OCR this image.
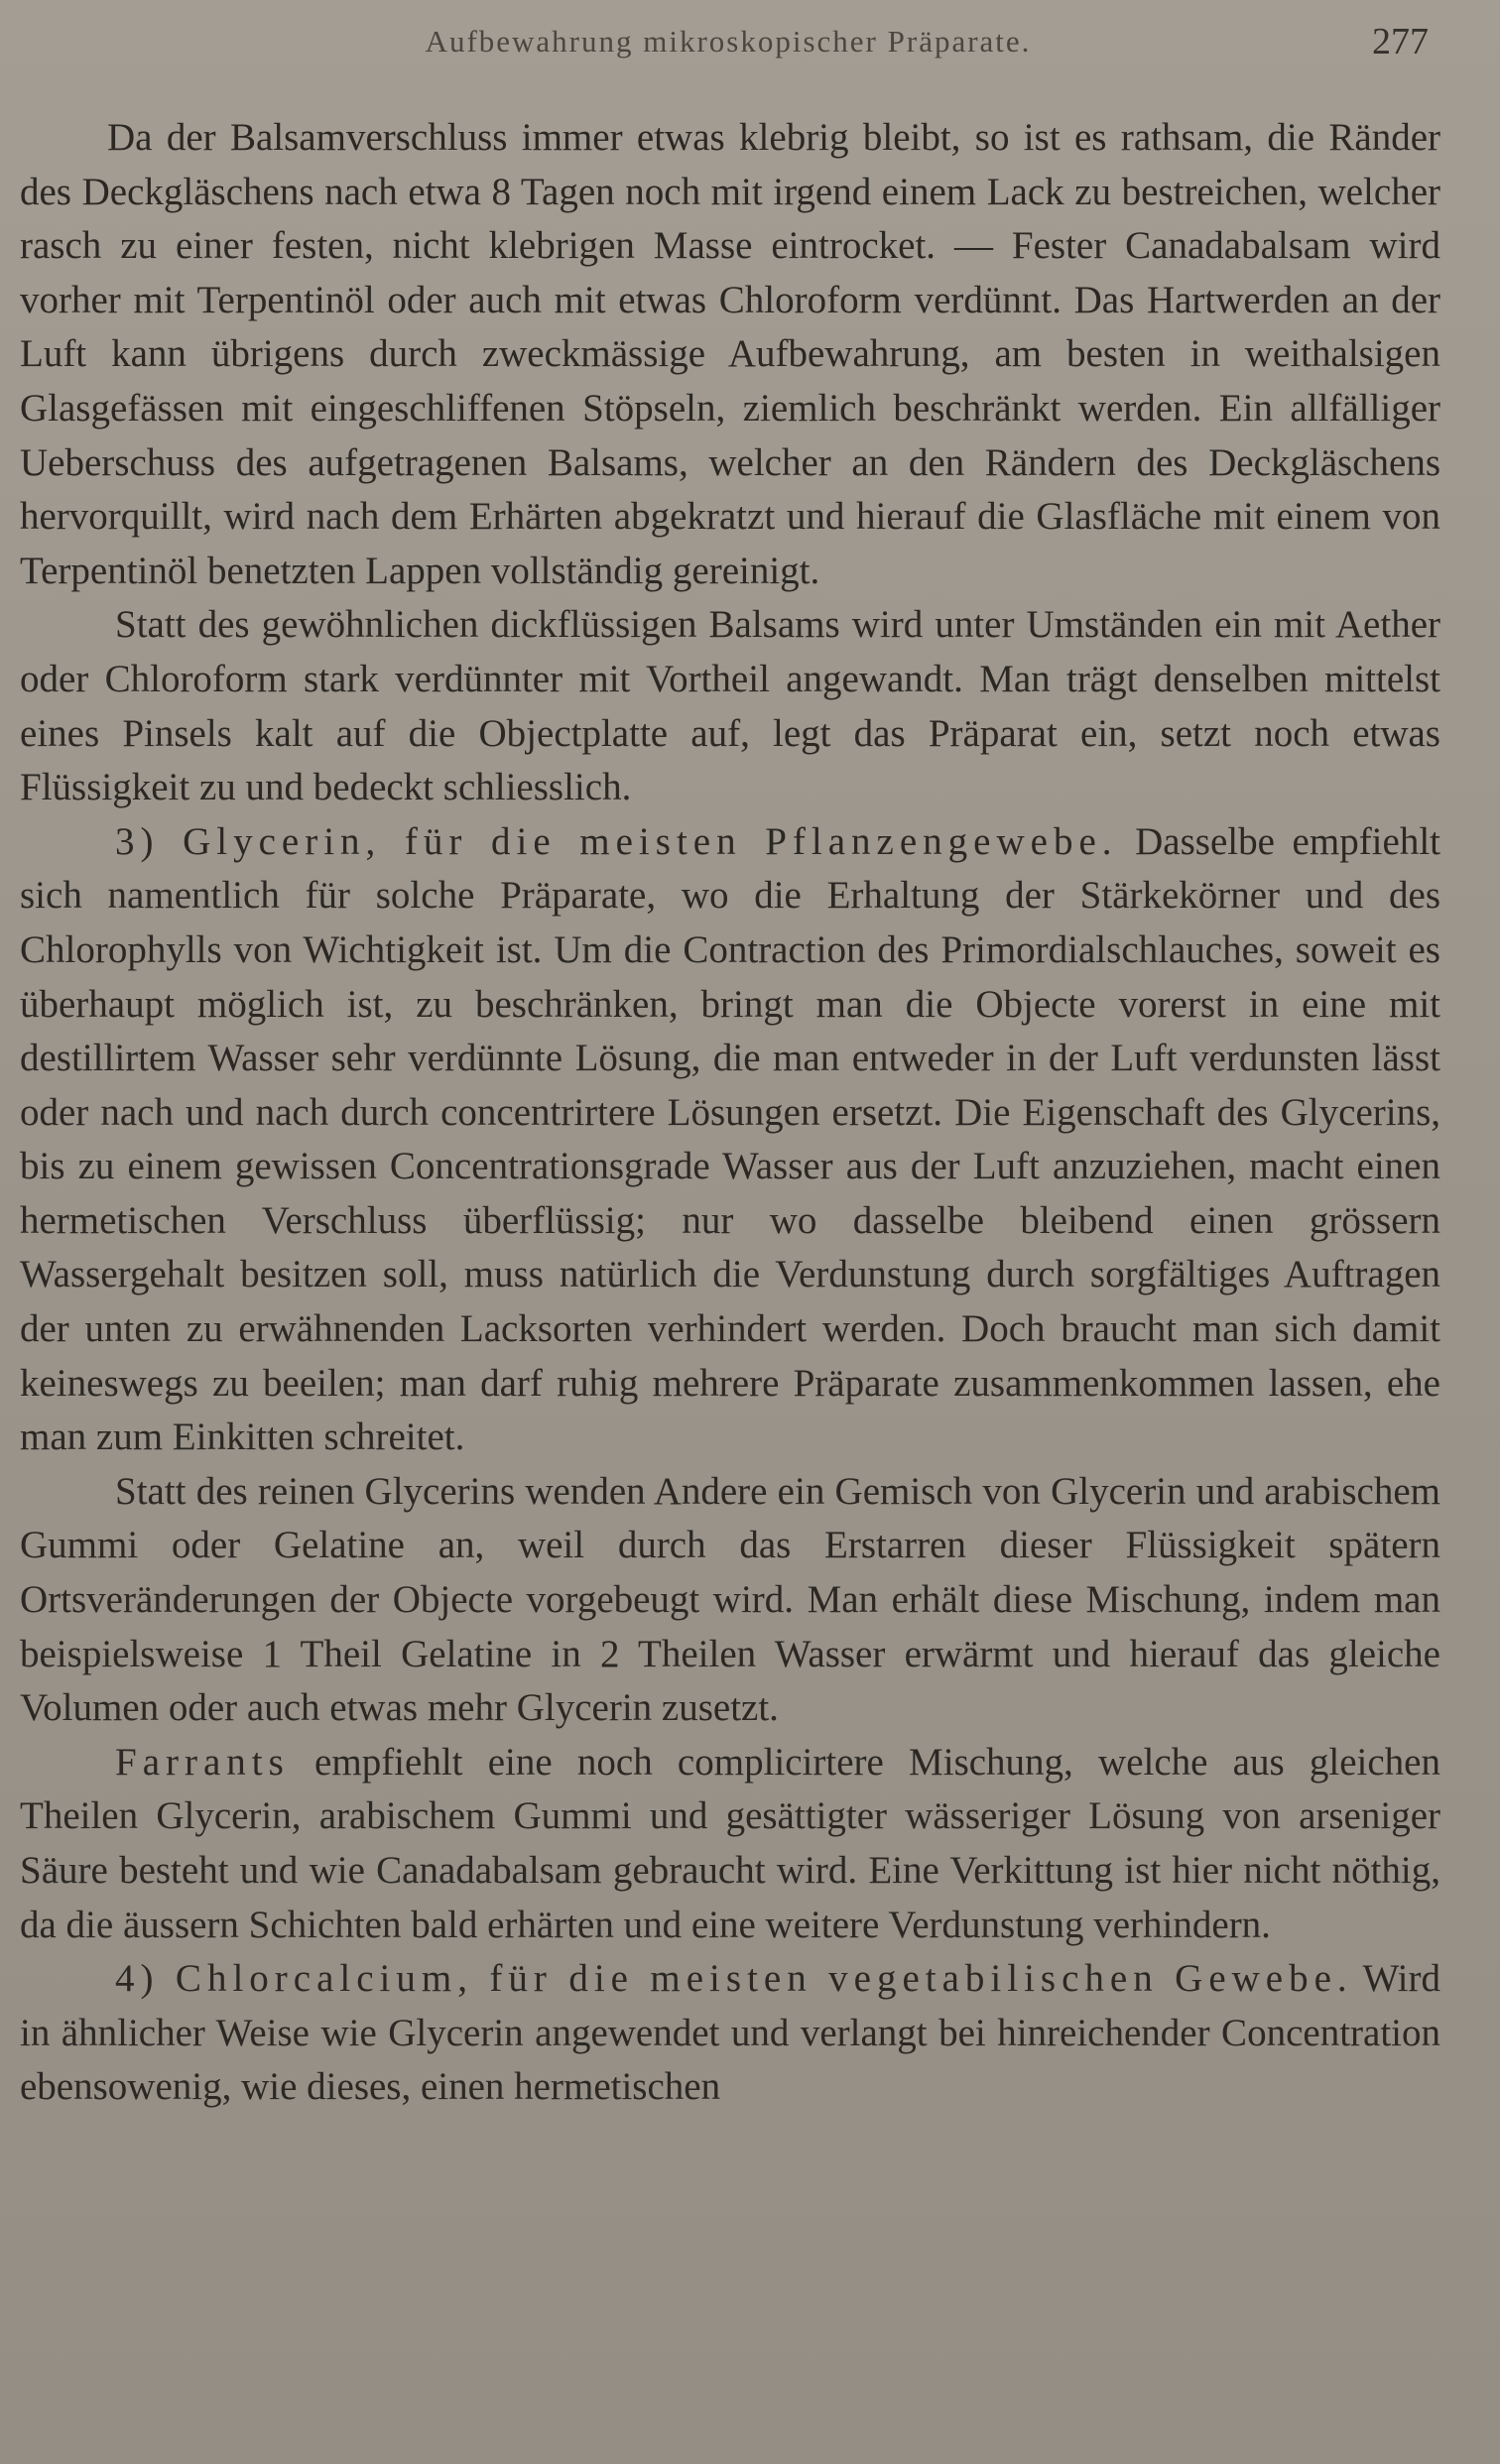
Aufbewahrung mikroskopischer Präparate.	277

Da der Balsamverschluss immer etwas klebrig bleibt, so ist es rathsam, die Ränder des Deckgläschens nach etwa 8 Tagen noch mit irgend einem Lack zu bestreichen, welcher rasch zu einer festen, nicht klebrigen Masse eintrocket. — Fester Canadabalsam wird vorher mit Terpentinöl oder auch mit etwas Chloroform verdünnt. Das Hartwerden an der Luft kann übrigens durch zweckmässige Aufbewahrung, am besten in weithalsigen Glasgefässen mit eingeschliffenen Stöpseln, ziemlich beschränkt werden. Ein allfälliger Ueberschuss des aufgetragenen Balsams, welcher an den Rändern des Deckgläschens hervorquillt, wird nach dem Erhärten abgekratzt und hierauf die Glasfläche mit einem von Terpentinöl benetzten Lappen vollständig gereinigt.

Statt des gewöhnlichen dickflüssigen Balsams wird unter Umständen ein mit Aether oder Chloroform stark verdünnter mit Vortheil angewandt. Man trägt denselben mittelst eines Pinsels kalt auf die Objectplatte auf, legt das Präparat ein, setzt noch etwas Flüssigkeit zu und bedeckt schliesslich.

3) Glycerin, für die meisten Pflanzengewebe. Dasselbe empfiehlt sich namentlich für solche Präparate, wo die Erhaltung der Stärkekörner und des Chlorophylls von Wichtigkeit ist. Um die Contraction des Primordialschlauches, soweit es überhaupt möglich ist, zu beschränken, bringt man die Objecte vorerst in eine mit destillirtem Wasser sehr verdünnte Lösung, die man entweder in der Luft verdunsten lässt oder nach und nach durch concentrirtere Lösungen ersetzt. Die Eigenschaft des Glycerins, bis zu einem gewissen Concentrationsgrade Wasser aus der Luft anzuziehen, macht einen hermetischen Verschluss überflüssig; nur wo dasselbe bleibend einen grössern Wassergehalt besitzen soll, muss natürlich die Verdunstung durch sorgfältiges Auftragen der unten zu erwähnenden Lacksorten verhindert werden. Doch braucht man sich damit keineswegs zu beeilen; man darf ruhig mehrere Präparate zusammenkommen lassen, ehe man zum Einkitten schreitet.

Statt des reinen Glycerins wenden Andere ein Gemisch von Glycerin und arabischem Gummi oder Gelatine an, weil durch das Erstarren dieser Flüssigkeit spätern Ortsveränderungen der Objecte vorgebeugt wird. Man erhält diese Mischung, indem man beispielsweise 1 Theil Gelatine in 2 Theilen Wasser erwärmt und hierauf das gleiche Volumen oder auch etwas mehr Glycerin zusetzt.

Farrants empfiehlt eine noch complicirtere Mischung, welche aus gleichen Theilen Glycerin, arabischem Gummi und gesättigter wässeriger Lösung von arseniger Säure besteht und wie Canadabalsam gebraucht wird. Eine Verkittung ist hier nicht nöthig, da die äussern Schichten bald erhärten und eine weitere Verdunstung verhindern.

4) Chlorcalcium, für die meisten vegetabilischen Gewebe. Wird in ähnlicher Weise wie Glycerin angewendet und verlangt bei hinreichender Concentration ebensowenig, wie dieses, einen hermetischen
